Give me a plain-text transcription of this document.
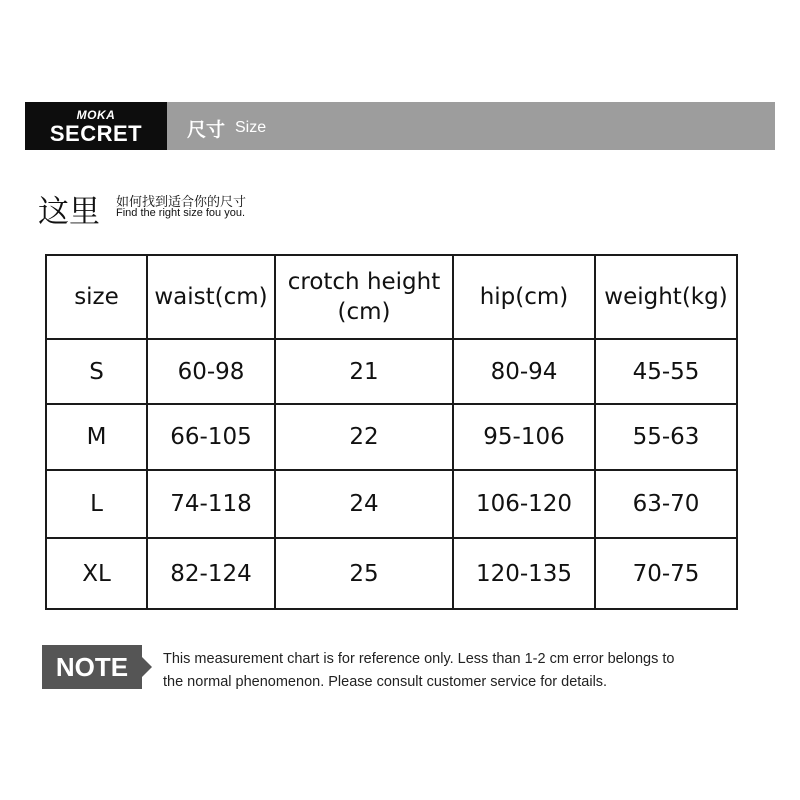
MOKA
SECRET	尺寸 Size
这里 如何找到适合你的尺寸
Find the right size fou you.
size	waist(cm)	crotch height (cm)	hip(cm)	weight(kg)
S	60-98	21	80-94	45-55
M	66-105	22	95-106	55-63
L	74-118	24	106-120	63-70
XL	82-124	25	120-135	70-75
NOTE	This measurement chart is for reference only. Less than 1-2 cm error belongs to
the normal phenomenon. Please consult customer service for details.
